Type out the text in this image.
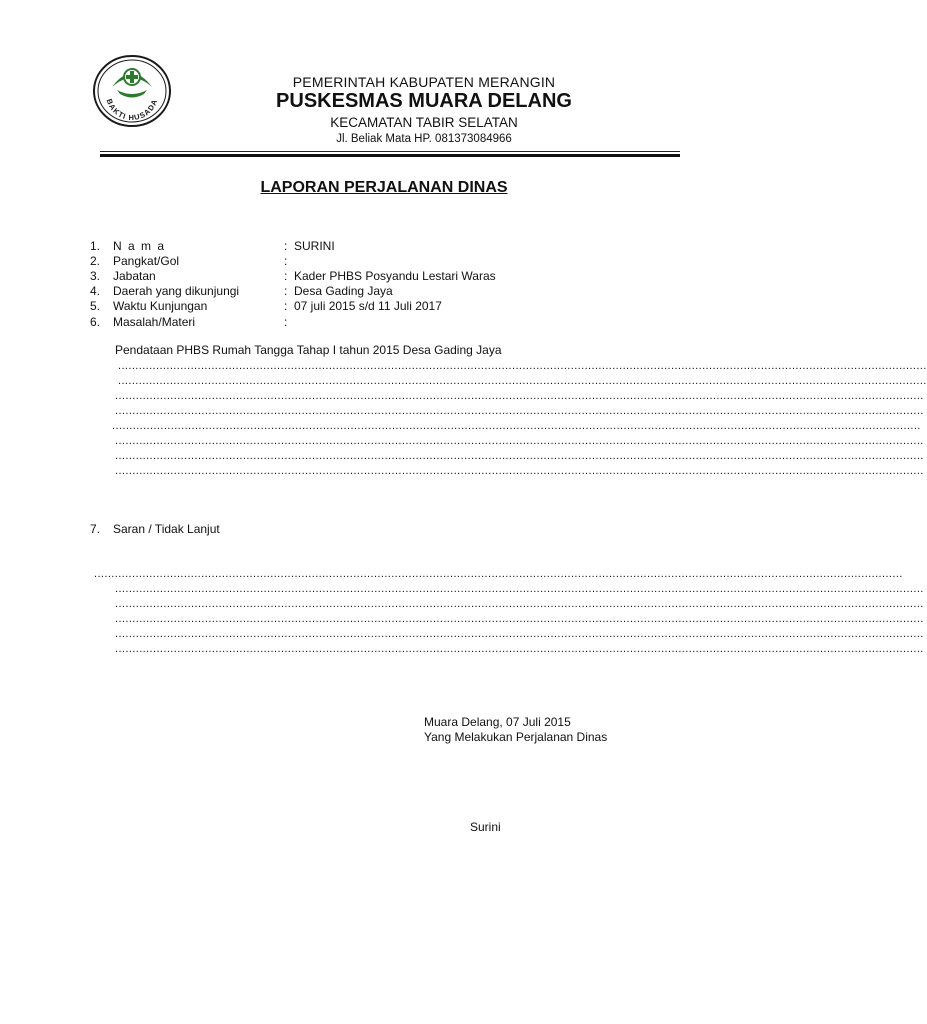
BAKTI HUSADA
PEMERINTAH KABUPATEN MERANGIN
PUSKESMAS MUARA DELANG
KECAMATAN TABIR SELATAN
Jl. Beliak Mata HP. 081373084966
LAPORAN PERJALANAN DINAS
1. N a m a	: SURINI
2. Pangkat/Gol	:
3. Jabatan	: Kader PHBS Posyandu Lestari Waras
4. Daerah yang dikunjungi	: Desa Gading Jaya
5. Waktu Kunjungan	: 07 juli 2015 s/d 11 Juli 2017
6. Masalah/Materi	:
Pendataan PHBS Rumah Tangga Tahap I tahun 2015 Desa Gading Jaya
..........................................................................................................................................................................................................................................
..........................................................................................................................................................................................................................................
..........................................................................................................................................................................................................................................
..........................................................................................................................................................................................................................................
..........................................................................................................................................................................................................................................
..........................................................................................................................................................................................................................................
..........................................................................................................................................................................................................................................
..........................................................................................................................................................................................................................................
7. Saran / Tidak Lanjut
..........................................................................................................................................................................................................................................
..........................................................................................................................................................................................................................................
..........................................................................................................................................................................................................................................
..........................................................................................................................................................................................................................................
..........................................................................................................................................................................................................................................
..........................................................................................................................................................................................................................................
Muara Delang, 07 Juli 2015
Yang Melakukan Perjalanan Dinas
Surini
